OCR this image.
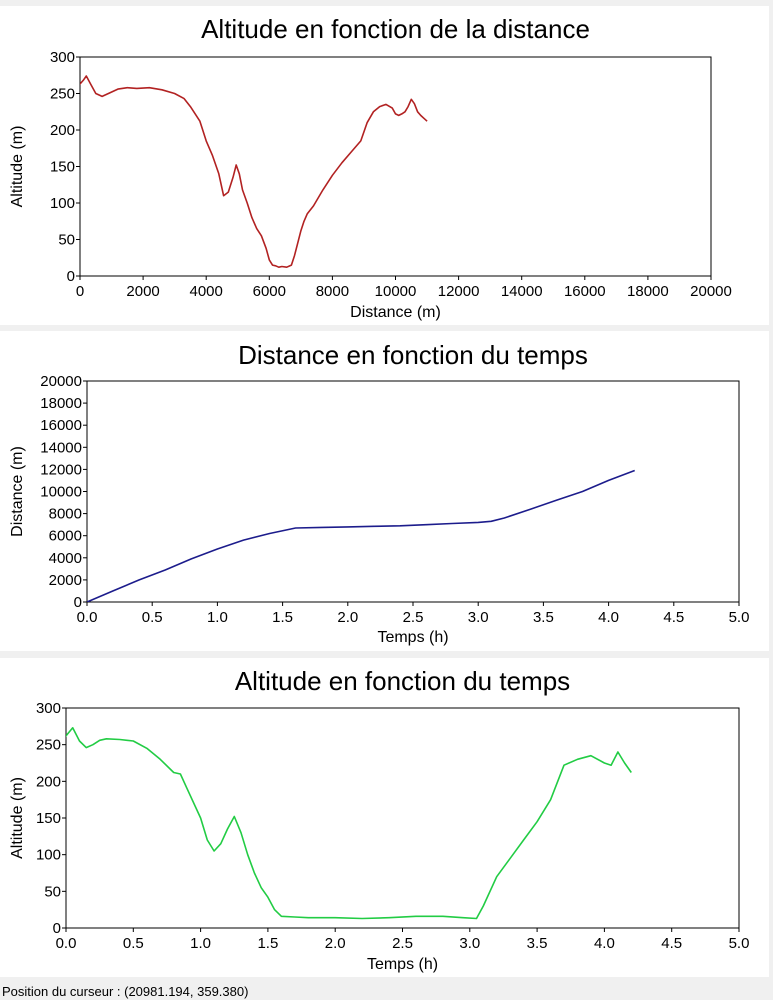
Altitude en fonction de la distance
0	2000 4000 6000 8000 10000 12000 14000 16000 18000 20000
0
50
100
150
200
250
300
Distance (m)
Altitude (m)
Distance en fonction du temps
0.0	0.5	1.0	1.5	2.0	2.5	3.0	3.5	4.0	4.5	5.0
0
2000
4000
6000
8000
10000
12000
14000
16000
18000
20000
Temps (h)
Distance (m)
Altitude en fonction du temps
0.0	0.5	1.0	1.5	2.0	2.5	3.0	3.5	4.0	4.5	5.0
0
50
100
150
200
250
300
Temps (h)
Altitude (m)
Position du curseur : (20981.194, 359.380)
